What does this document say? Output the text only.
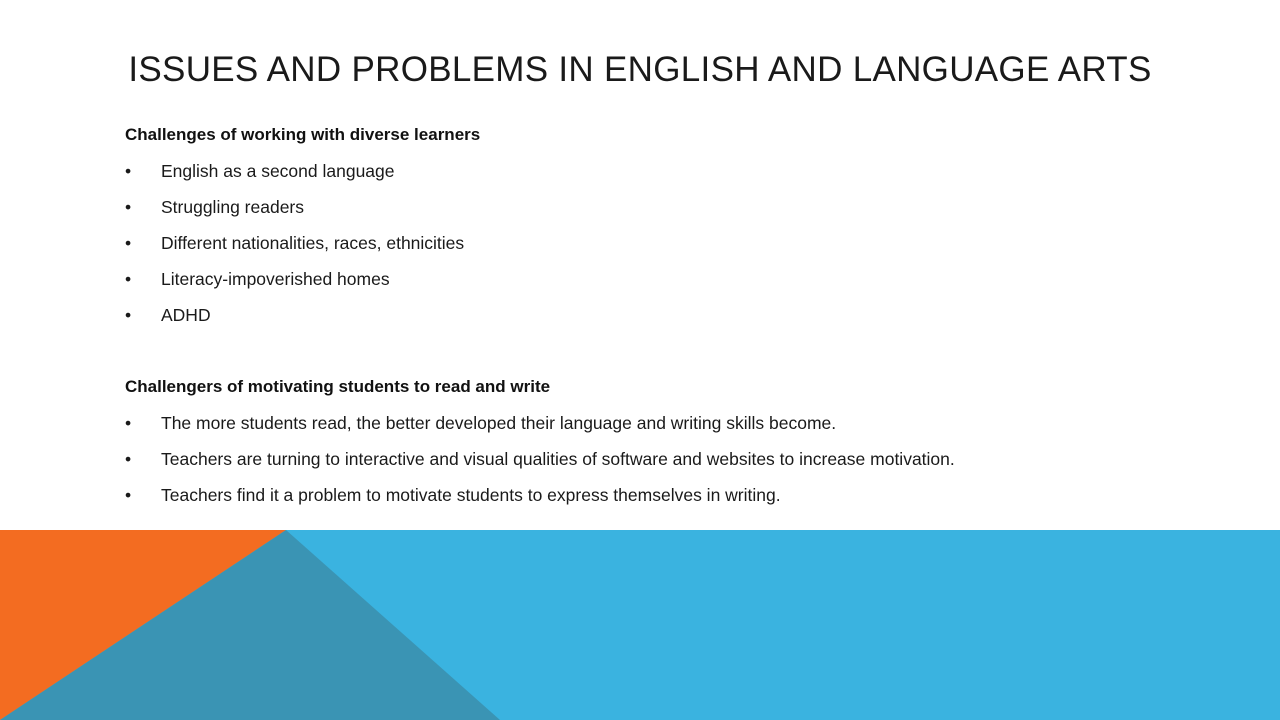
ISSUES AND PROBLEMS IN ENGLISH AND LANGUAGE ARTS
Challenges of working with diverse learners
• English as a second language
• Struggling readers
• Different nationalities, races, ethnicities
• Literacy-impoverished homes
• ADHD
Challengers of motivating students to read and write
• The more students read, the better developed their language and writing skills become.
• Teachers are turning to interactive and visual qualities of software and websites to increase motivation.
• Teachers find it a problem to motivate students to express themselves in writing.
